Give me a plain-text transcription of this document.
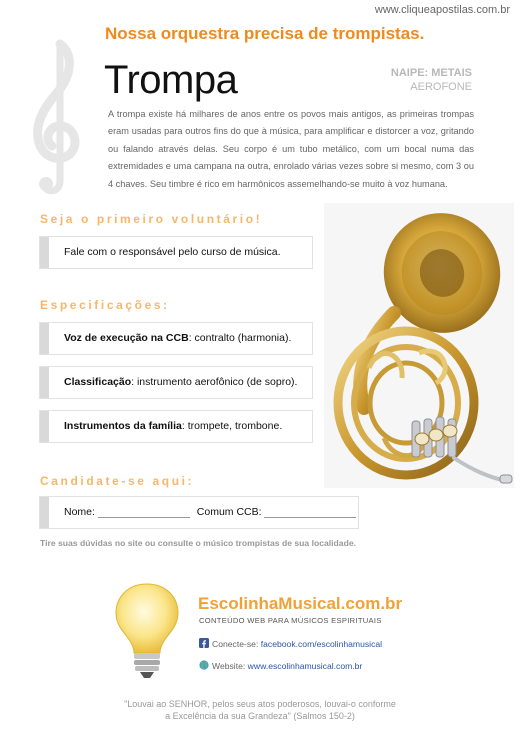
www.cliqueapostilas.com.br
Nossa orquestra precisa de trompistas.
Trompa	NAIPE: METAIS
AEROFONE
A trompa existe há milhares de anos entre os povos mais antigos, as primeiras trompas eram usadas para outros fins do que à música, para amplificar e distorcer a voz, gritando ou falando através delas. Seu corpo é um tubo metálico, com um bocal numa das extremidades e uma campana na outra, enrolado várias vezes sobre si mesmo, com 3 ou 4 chaves. Seu timbre é rico em harmônicos assemelhando-se muito à voz humana.
Seja o primeiro voluntário!
Fale com o responsável pelo curso de música.
Especificações:
Voz de execução na CCB: contralto (harmonia).
Classificação: instrumento aerofônico (de sopro).
Instrumentos da família: trompete, trombone.
Candidate-se aqui:
Nome:	Comum CCB:
Tire suas dúvidas no site ou consulte o músico trompistas de sua localidade.
EscolinhaMusical.com.br
CONTEÚDO WEB PARA MÚSICOS ESPIRITUAIS
Conecte-se: facebook.com/escolinhamusical
Website: www.escolinhamusical.com.br
"Louvai ao SENHOR, pelos seus atos poderosos, louvai-o conforme
a Excelência da sua Grandeza" (Salmos 150-2)
